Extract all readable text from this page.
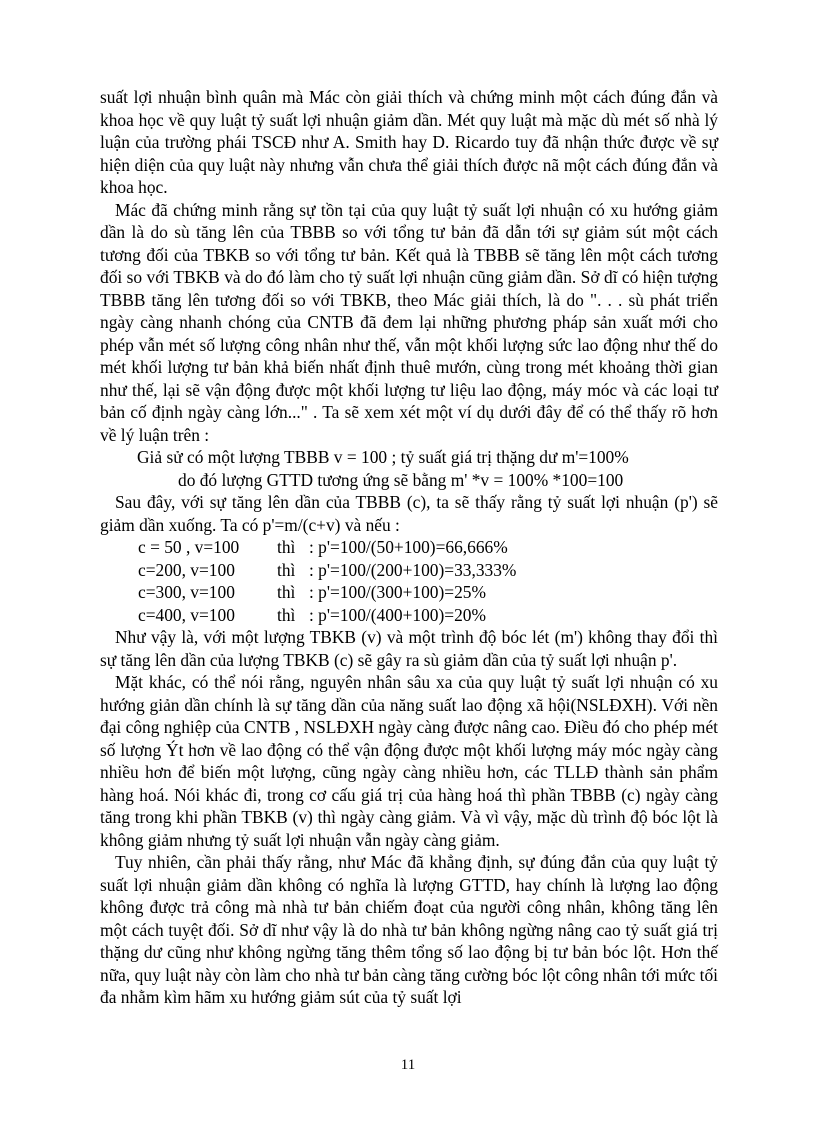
suất lợi nhuận bình quân mà Mác còn giải thích và chứng minh một cách đúng đắn và khoa học về quy luật tỷ suất lợi nhuận giảm dần. Mét quy luật mà mặc dù mét số nhà lý luận của trường phái TSCĐ như A. Smith hay D. Ricardo tuy đã nhận thức được về sự hiện diện của quy luật này nhưng vẫn chưa thể giải thích được nã một cách đúng đắn và khoa học.

Mác đã chứng minh rằng sự tồn tại của quy luật tỷ suất lợi nhuận có xu hướng giảm dần là do sù tăng lên của TBBB so với tổng tư bản đã dẫn tới sự giảm sút một cách tương đối của TBKB so với tổng tư bản. Kết quả là TBBB sẽ tăng lên một cách tương đối so với TBKB và do đó làm cho tỷ suất lợi nhuận cũng giảm dần. Sở dĩ có hiện tượng TBBB tăng lên tương đối so với TBKB, theo Mác giải thích, là do ". . . sù phát triển ngày càng nhanh chóng của CNTB đã đem lại những phương pháp sản xuất mới cho phép vẫn mét số lượng công nhân như thế, vẫn một khối lượng sức lao động như thế do mét khối lượng tư bản khả biến nhất định thuê mướn, cùng trong mét khoảng thời gian như thế, lại sẽ vận động được một khối lượng tư liệu lao động, máy móc và các loại tư bản cố định ngày càng lớn..." . Ta sẽ xem xét một ví dụ dưới đây để có thể thấy rõ hơn về lý luận trên :

Giả sử có một lượng TBBB v = 100 ; tỷ suất giá trị thặng dư m'=100%
do đó lượng GTTD tương ứng sẽ bằng m' *v = 100% *100=100

Sau đây, với sự tăng lên dần của TBBB (c), ta sẽ thấy rằng tỷ suất lợi nhuận (p') sẽ giảm dần xuống. Ta có p'=m/(c+v) và nếu :

c = 50 , v=100	thì : p'=100/(50+100)=66,666%
c=200, v=100	thì : p'=100/(200+100)=33,333%
c=300, v=100	thì : p'=100/(300+100)=25%
c=400, v=100	thì : p'=100/(400+100)=20%

Như vậy là, với một lượng TBKB (v) và một trình độ bóc lét (m') không thay đổi thì sự tăng lên dần của lượng TBKB (c) sẽ gây ra sù giảm dần của tỷ suất lợi nhuận p'.

Mặt khác, có thể nói rằng, nguyên nhân sâu xa của quy luật tỷ suất lợi nhuận có xu hướng giản dần chính là sự tăng dần của năng suất lao động xã hội(NSLĐXH). Với nền đại công nghiệp của CNTB , NSLĐXH ngày càng được nâng cao. Điều đó cho phép mét số lượng Ýt hơn về lao động có thể vận động được một khối lượng máy móc ngày càng nhiều hơn để biến một lượng, cũng ngày càng nhiều hơn, các TLLĐ thành sản phẩm hàng hoá. Nói khác đi, trong cơ cấu giá trị của hàng hoá thì phần TBBB (c) ngày càng tăng trong khi phần TBKB (v) thì ngày càng giảm. Và vì vậy, mặc dù trình độ bóc lột là không giảm nhưng tỷ suất lợi nhuận vẫn ngày càng giảm.

Tuy nhiên, cần phải thấy rằng, như Mác đã khẳng định, sự đúng đắn của quy luật tỷ suất lợi nhuận giảm dần không có nghĩa là lượng GTTD, hay chính là lượng lao động không được trả công mà nhà tư bản chiếm đoạt của người công nhân, không tăng lên một cách tuyệt đối. Sở dĩ như vậy là do nhà tư bản không ngừng nâng cao tỷ suất giá trị thặng dư cũng như không ngừng tăng thêm tổng số lao động bị tư bản bóc lột. Hơn thế nữa, quy luật này còn làm cho nhà tư bản càng tăng cường bóc lột công nhân tới mức tối đa nhằm kìm hãm xu hướng giảm sút của tỷ suất lợi

11
